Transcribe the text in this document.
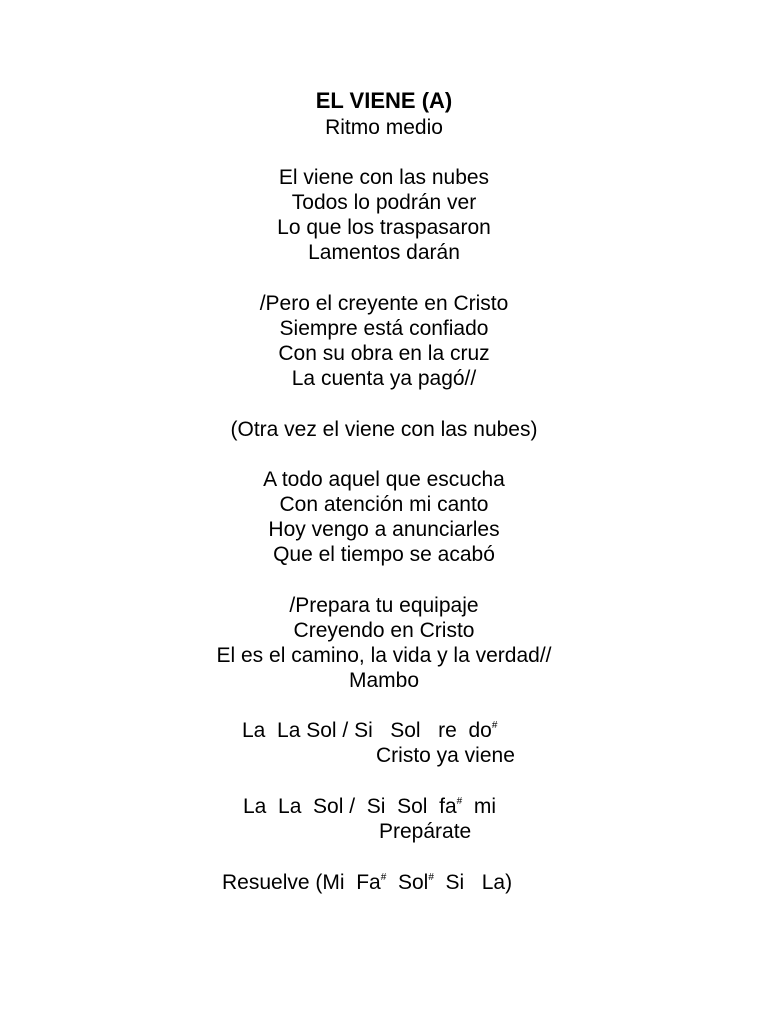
EL VIENE (A)
Ritmo medio
El viene con las nubes
Todos lo podrán ver
Lo que los traspasaron
Lamentos darán
/Pero el creyente en Cristo
Siempre está confiado
Con su obra en la cruz
La cuenta ya pagó//
(Otra vez el viene con las nubes)
A todo aquel que escucha
Con atención mi canto
Hoy vengo a anunciarles
Que el tiempo se acabó
/Prepara tu equipaje
Creyendo en Cristo
El es el camino, la vida y la verdad//
Mambo
La  La Sol / Si   Sol   re  do#
Cristo ya viene
La  La  Sol /  Si  Sol  fa#  mi
Prepárate
Resuelve (Mi  Fa#  Sol#  Si   La)
